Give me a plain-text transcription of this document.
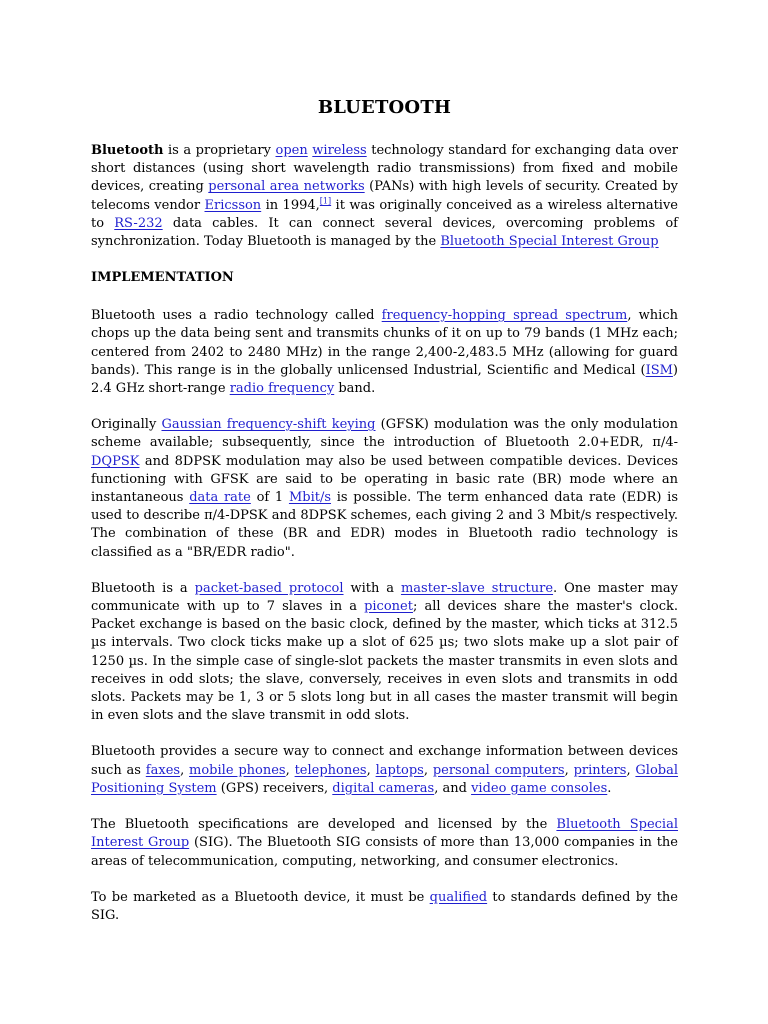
BLUETOOTH

Bluetooth is a proprietary open wireless technology standard for exchanging data over short distances (using short wavelength radio transmissions) from fixed and mobile devices, creating personal area networks (PANs) with high levels of security. Created by telecoms vendor Ericsson in 1994,[1] it was originally conceived as a wireless alternative to RS-232 data cables. It can connect several devices, overcoming problems of synchronization. Today Bluetooth is managed by the Bluetooth Special Interest Group

IMPLEMENTATION

Bluetooth uses a radio technology called frequency-hopping spread spectrum, which chops up the data being sent and transmits chunks of it on up to 79 bands (1 MHz each; centered from 2402 to 2480 MHz) in the range 2,400-2,483.5 MHz (allowing for guard bands). This range is in the globally unlicensed Industrial, Scientific and Medical (ISM) 2.4 GHz short-range radio frequency band.

Originally Gaussian frequency-shift keying (GFSK) modulation was the only modulation scheme available; subsequently, since the introduction of Bluetooth 2.0+EDR, π/4-DQPSK and 8DPSK modulation may also be used between compatible devices. Devices functioning with GFSK are said to be operating in basic rate (BR) mode where an instantaneous data rate of 1 Mbit/s is possible. The term enhanced data rate (EDR) is used to describe π/4-DPSK and 8DPSK schemes, each giving 2 and 3 Mbit/s respectively. The combination of these (BR and EDR) modes in Bluetooth radio technology is classified as a "BR/EDR radio".

Bluetooth is a packet-based protocol with a master-slave structure. One master may communicate with up to 7 slaves in a piconet; all devices share the master's clock. Packet exchange is based on the basic clock, defined by the master, which ticks at 312.5 µs intervals. Two clock ticks make up a slot of 625 µs; two slots make up a slot pair of 1250 µs. In the simple case of single-slot packets the master transmits in even slots and receives in odd slots; the slave, conversely, receives in even slots and transmits in odd slots. Packets may be 1, 3 or 5 slots long but in all cases the master transmit will begin in even slots and the slave transmit in odd slots.

Bluetooth provides a secure way to connect and exchange information between devices such as faxes, mobile phones, telephones, laptops, personal computers, printers, Global Positioning System (GPS) receivers, digital cameras, and video game consoles.

The Bluetooth specifications are developed and licensed by the Bluetooth Special Interest Group (SIG). The Bluetooth SIG consists of more than 13,000 companies in the areas of telecommunication, computing, networking, and consumer electronics.

To be marketed as a Bluetooth device, it must be qualified to standards defined by the SIG.
